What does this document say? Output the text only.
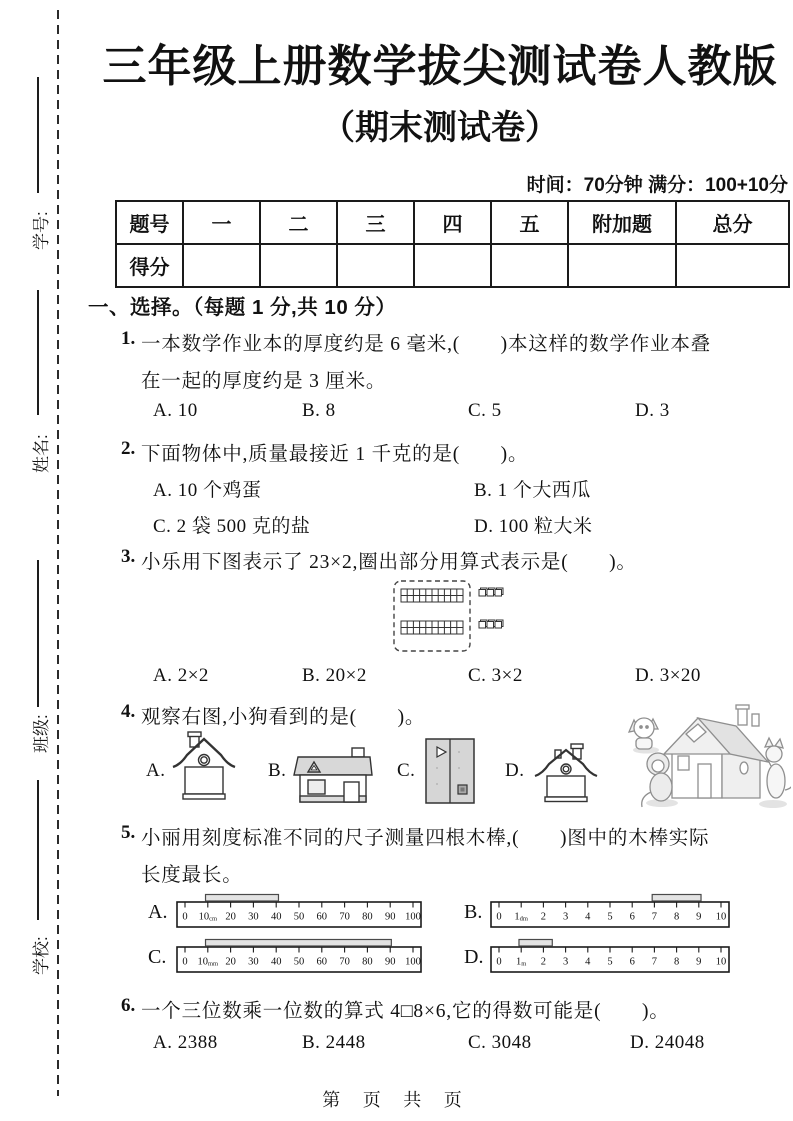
学号:
姓名:
班级:
学校:
三年级上册数学拔尖测试卷人教版
（期末测试卷）
时间：70分钟 满分：100+10分
题号	一	二	三	四	五	附加题	总分
得分							
一、选择。（每题 1 分,共 10 分）
1. 一本数学作业本的厚度约是 6 毫米,(　　)本这样的数学作业本叠
在一起的厚度约是 3 厘米。
A. 10	B. 8	C. 5	D. 3
2. 下面物体中,质量最接近 1 千克的是(　　)。
A. 10 个鸡蛋	B. 1 个大西瓜
C. 2 袋 500 克的盐	D. 100 粒大米
3. 小乐用下图表示了 23×2,圈出部分用算式表示是(　　)。
A. 2×2	B. 20×2	C. 3×2	D. 3×20
4. 观察右图,小狗看到的是(　　)。
A.	B.	C.	D.
5. 小丽用刻度标准不同的尺子测量四根木棒,(　　)图中的木棒实际
长度最长。
A. 0 10cm 20 30 40 50 60 70 80 90 100 B. 0 1dm 2 3 4 5 6 7 8 9 10
C. 0 10mm 20 30 40 50 60 70 80 90 100 D. 0 1m 2 3 4 5 6 7 8 9 10
6. 一个三位数乘一位数的算式 4□8×6,它的得数可能是(　　)。
A. 2388	B. 2448	C. 3048	D. 24048
第 页 共 页
